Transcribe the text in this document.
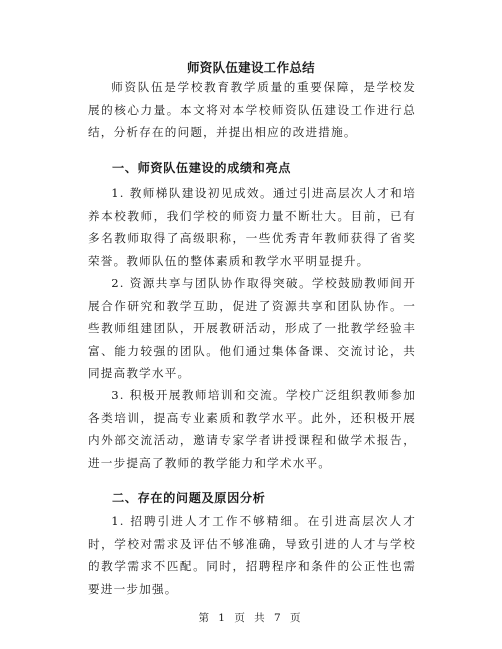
师资队伍建设工作总结

师资队伍是学校教育教学质量的重要保障，是学校发展的核心力量。本文将对本学校师资队伍建设工作进行总结，分析存在的问题，并提出相应的改进措施。

一、师资队伍建设的成绩和亮点

1. 教师梯队建设初见成效。通过引进高层次人才和培养本校教师，我们学校的师资力量不断壮大。目前，已有多名教师取得了高级职称，一些优秀青年教师获得了省奖荣誉。教师队伍的整体素质和教学水平明显提升。

2. 资源共享与团队协作取得突破。学校鼓励教师间开展合作研究和教学互助，促进了资源共享和团队协作。一些教师组建团队，开展教研活动，形成了一批教学经验丰富、能力较强的团队。他们通过集体备课、交流讨论，共同提高教学水平。

3. 积极开展教师培训和交流。学校广泛组织教师参加各类培训，提高专业素质和教学水平。此外，还积极开展内外部交流活动，邀请专家学者讲授课程和做学术报告，进一步提高了教师的教学能力和学术水平。

二、存在的问题及原因分析

1. 招聘引进人才工作不够精细。在引进高层次人才时，学校对需求及评估不够准确，导致引进的人才与学校的教学需求不匹配。同时，招聘程序和条件的公正性也需要进一步加强。

第 1 页 共 7 页
